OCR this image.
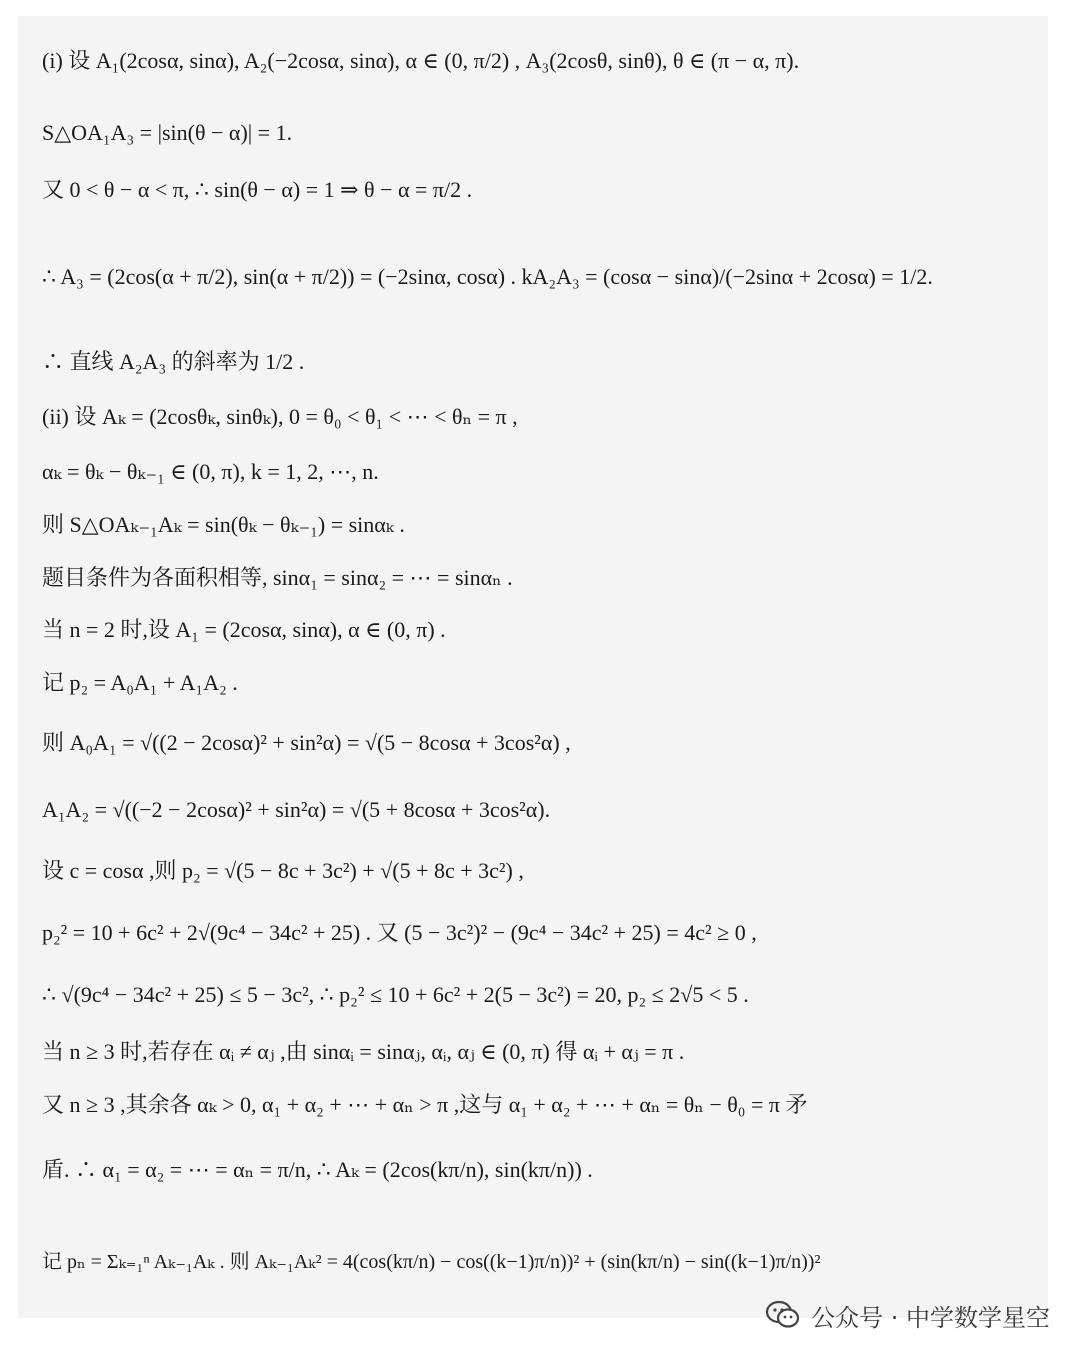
(i) 设 A₁(2cosα, sinα), A₂(−2cosα, sinα), α ∈ (0, π/2) , A₃(2cosθ, sinθ), θ ∈ (π − α, π).
S△OA₁A₃ = |sin(θ − α)| = 1.
又 0 < θ − α < π, ∴ sin(θ − α) = 1 ⇒ θ − α = π/2 .
∴ A₃ = (2cos(α + π/2), sin(α + π/2)) = (−2sinα, cosα) . kA₂A₃ = (cosα − sinα)/(−2sinα + 2cosα) = 1/2.
∴ 直线 A₂A₃ 的斜率为 1/2 .
(ii) 设 Aₖ = (2cosθₖ, sinθₖ), 0 = θ₀ < θ₁ < ⋯ < θₙ = π ,
αₖ = θₖ − θₖ₋₁ ∈ (0, π), k = 1, 2, ⋯, n.
则 S△OAₖ₋₁Aₖ = sin(θₖ − θₖ₋₁) = sinαₖ .
题目条件为各面积相等, sinα₁ = sinα₂ = ⋯ = sinαₙ .
当 n = 2 时,设 A₁ = (2cosα, sinα), α ∈ (0, π) .
记 p₂ = A₀A₁ + A₁A₂ .
则 A₀A₁ = √((2 − 2cosα)² + sin²α) = √(5 − 8cosα + 3cos²α) ,
A₁A₂ = √((−2 − 2cosα)² + sin²α) = √(5 + 8cosα + 3cos²α).
设 c = cosα ,则 p₂ = √(5 − 8c + 3c²) + √(5 + 8c + 3c²) ,
p₂² = 10 + 6c² + 2√(9c⁴ − 34c² + 25) . 又 (5 − 3c²)² − (9c⁴ − 34c² + 25) = 4c² ≥ 0 ,
∴ √(9c⁴ − 34c² + 25) ≤ 5 − 3c², ∴ p₂² ≤ 10 + 6c² + 2(5 − 3c²) = 20, p₂ ≤ 2√5 < 5 .
当 n ≥ 3 时,若存在 αᵢ ≠ αⱼ ,由 sinαᵢ = sinαⱼ, αᵢ, αⱼ ∈ (0, π) 得 αᵢ + αⱼ = π .
又 n ≥ 3 ,其余各 αₖ > 0, α₁ + α₂ + ⋯ + αₙ > π ,这与 α₁ + α₂ + ⋯ + αₙ = θₙ − θ₀ = π 矛
盾. ∴ α₁ = α₂ = ⋯ = αₙ = π/n, ∴ Aₖ = (2cos(kπ/n), sin(kπ/n)) .
记 pₙ = Σₖ₌₁ⁿ Aₖ₋₁Aₖ . 则 Aₖ₋₁Aₖ² = 4(cos(kπ/n) − cos((k−1)π/n))² + (sin(kπ/n) − sin((k−1)π/n))²
公众号 · 中学数学星空
